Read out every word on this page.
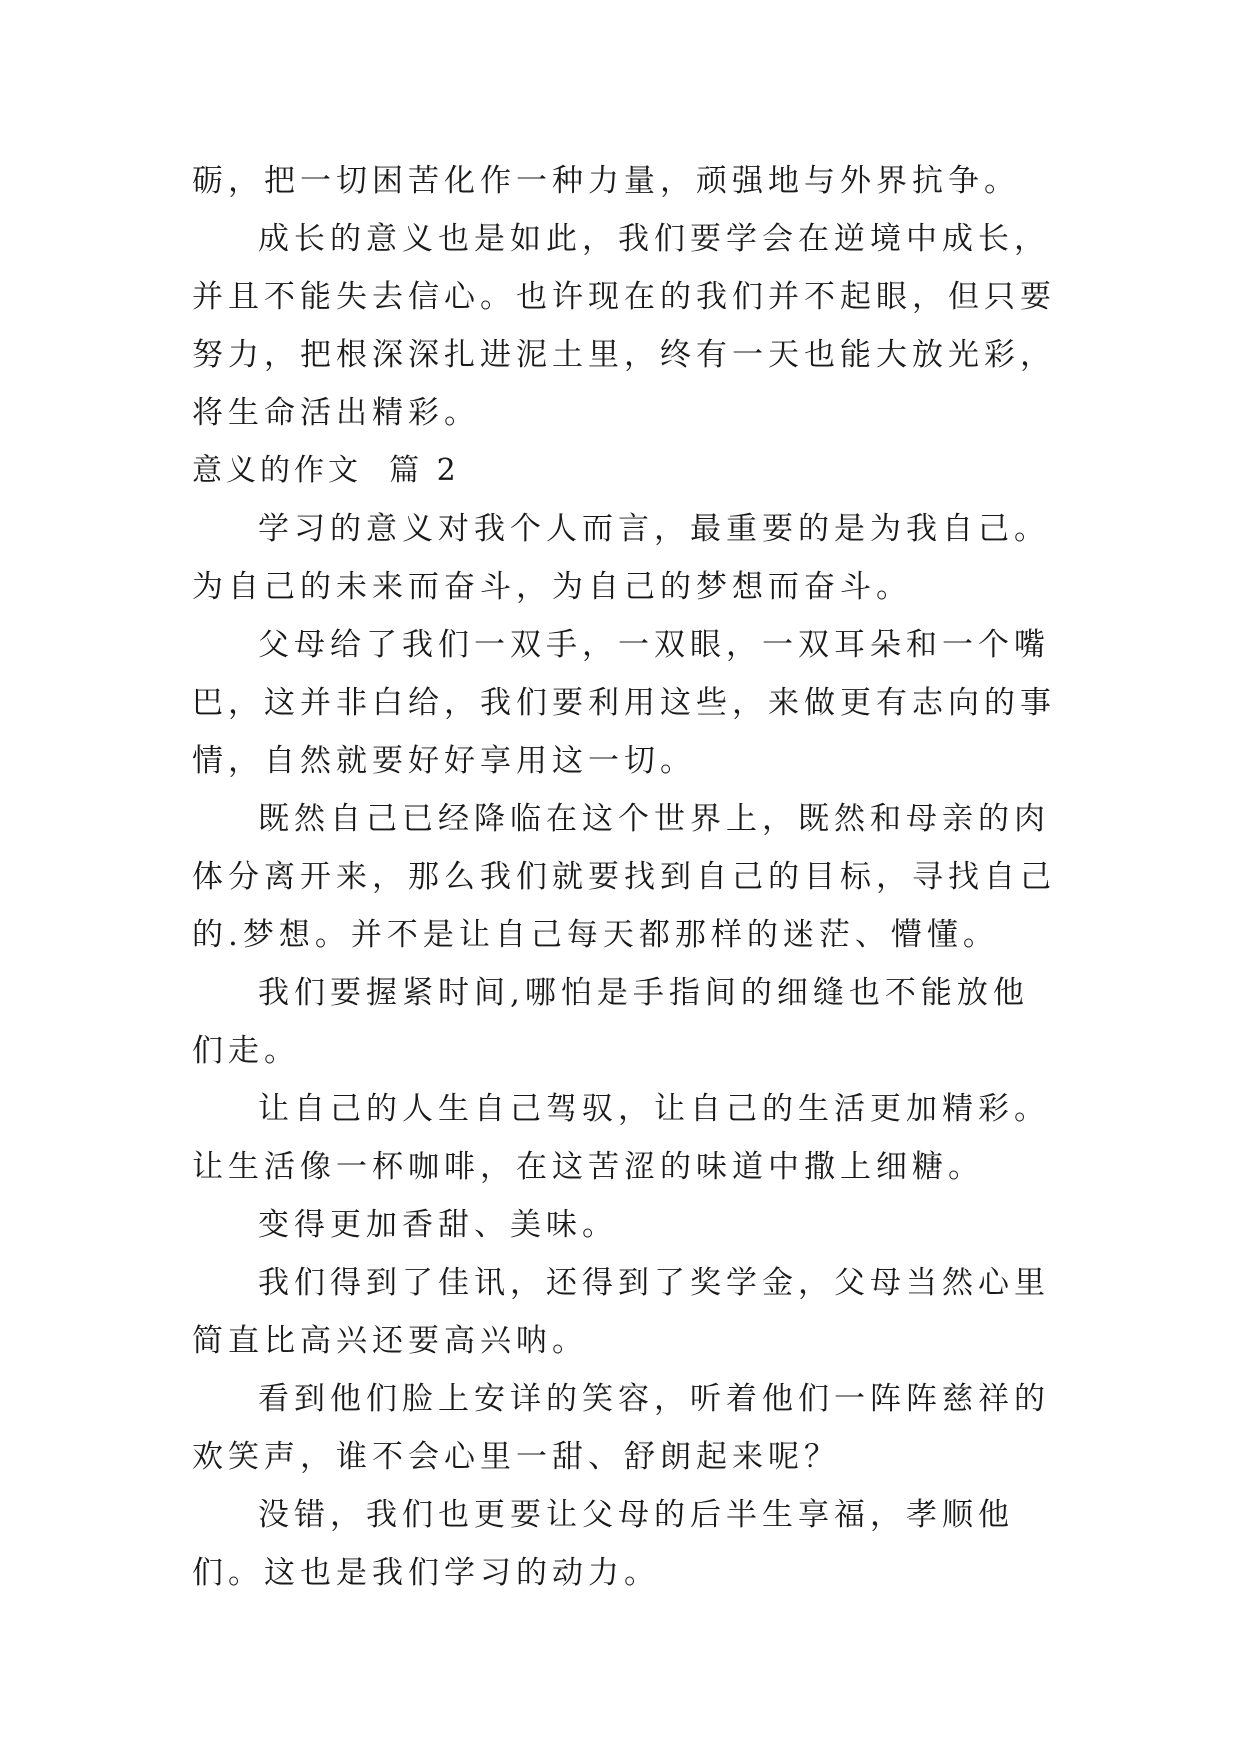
砺，把一切困苦化作一种力量，顽强地与外界抗争。

成长的意义也是如此，我们要学会在逆境中成长，并且不能失去信心。也许现在的我们并不起眼，但只要努力，把根深深扎进泥土里，终有一天也能大放光彩，将生命活出精彩。

意义的作文  篇 2

学习的意义对我个人而言，最重要的是为我自己。为自己的未来而奋斗，为自己的梦想而奋斗。

父母给了我们一双手，一双眼，一双耳朵和一个嘴巴，这并非白给，我们要利用这些，来做更有志向的事情，自然就要好好享用这一切。

既然自己已经降临在这个世界上，既然和母亲的肉体分离开来，那么我们就要找到自己的目标，寻找自己的.梦想。并不是让自己每天都那样的迷茫、懵懂。

我们要握紧时间,哪怕是手指间的细缝也不能放他们走。

让自己的人生自己驾驭，让自己的生活更加精彩。让生活像一杯咖啡，在这苦涩的味道中撒上细糖。

变得更加香甜、美味。

我们得到了佳讯，还得到了奖学金，父母当然心里简直比高兴还要高兴呐。

看到他们脸上安详的笑容，听着他们一阵阵慈祥的欢笑声，谁不会心里一甜、舒朗起来呢？

没错，我们也更要让父母的后半生享福，孝顺他们。这也是我们学习的动力。
